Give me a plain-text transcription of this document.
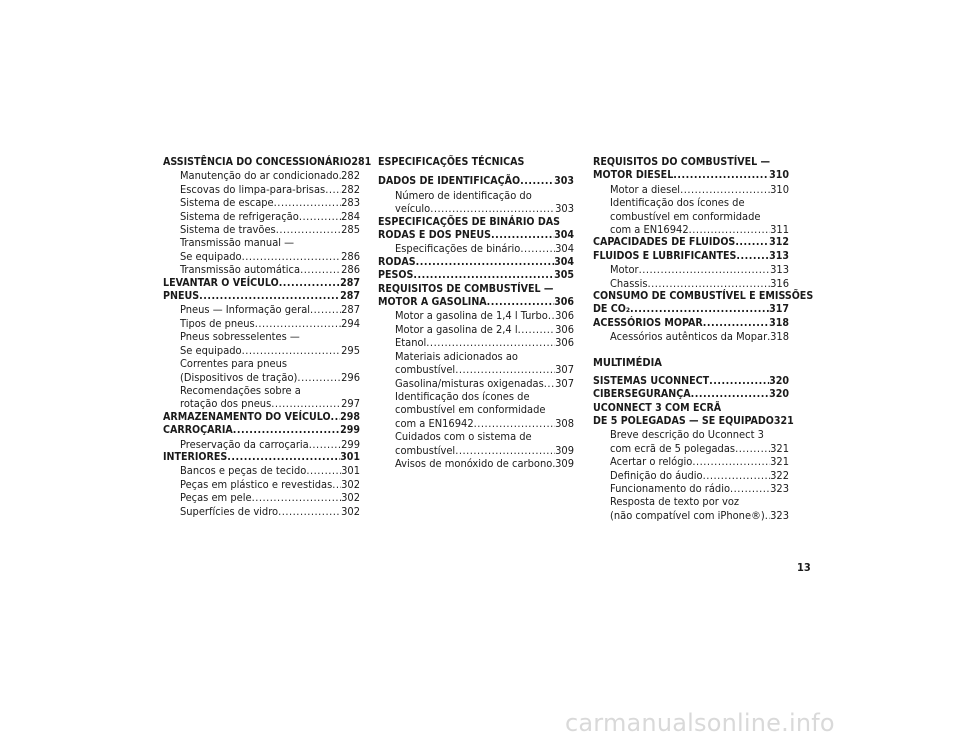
ASSISTÊNCIA DO CONCESSIONÁRIO 281
Manutenção do ar condicionado ..... 282
Escovas do limpa-para-brisas ..... 282
Sistema de escape .....	283
Sistema de refrigeração .....	284
Sistema de travões .....	285
Transmissão manual —
Se equipado .....	286
Transmissão automática .....	286
LEVANTAR O VEÍCULO .....	287
PNEUS .....	287
Pneus — Informação geral .....	287
Tipos de pneus .....	294
Pneus sobresselentes —
Se equipado .....	295
Correntes para pneus
(Dispositivos de tração) .....	296
Recomendações sobre a
rotação dos pneus .....	297
ARMAZENAMENTO DO VEÍCULO ..... 298
CARROÇARIA .....	299
Preservação da carroçaria .....	299
INTERIORES .....	301
Bancos e peças de tecido .....	301
Peças em plástico e revestidas ..... 302
Peças em pele .....	302
Superfícies de vidro .....	302
ESPECIFICAÇÕES TÉCNICAS
DADOS DE IDENTIFICAÇÃO .....	303
Número de identificação do
veículo .....	303
ESPECIFICAÇÕES DE BINÁRIO DAS
RODAS E DOS PNEUS .....	304
Especificações de binário .....	304
RODAS .....	304
PESOS .....	305
REQUISITOS DE COMBUSTÍVEL —
MOTOR A GASOLINA .....	306
Motor a gasolina de 1,4 l Turbo ..... 306
Motor a gasolina de 2,4 l .....	306
Etanol .....	306
Materiais adicionados ao
combustível .....	307
Gasolina/misturas oxigenadas ..... 307
Identificação dos ícones de
combustível em conformidade
com a EN16942 .....	308
Cuidados com o sistema de
combustível .....	309
Avisos de monóxido de carbono ..... 309
REQUISITOS DO COMBUSTÍVEL —
MOTOR DIESEL .....	310
Motor a diesel .....	310
Identificação dos ícones de
combustível em conformidade
com a EN16942 .....	311
CAPACIDADES DE FLUIDOS .....	312
FLUIDOS E LUBRIFICANTES .....	313
Motor .....	313
Chassis .....	316
CONSUMO DE COMBUSTÍVEL E EMISSÕES
DE CO₂ .....	317
ACESSÓRIOS MOPAR .....	318
Acessórios autênticos da Mopar ..... 318
MULTIMÉDIA
SISTEMAS UCONNECT .....	320
CIBERSEGURANÇA .....	320
UCONNECT 3 COM ECRÃ
DE 5 POLEGADAS — SE EQUIPADO 321
Breve descrição do Uconnect 3
com ecrã de 5 polegadas .....	321
Acertar o relógio .....	321
Definição do áudio .....	322
Funcionamento do rádio .....	323
Resposta de texto por voz
(não compatível com iPhone®) ..... 323
13
carmanualsonline.info
